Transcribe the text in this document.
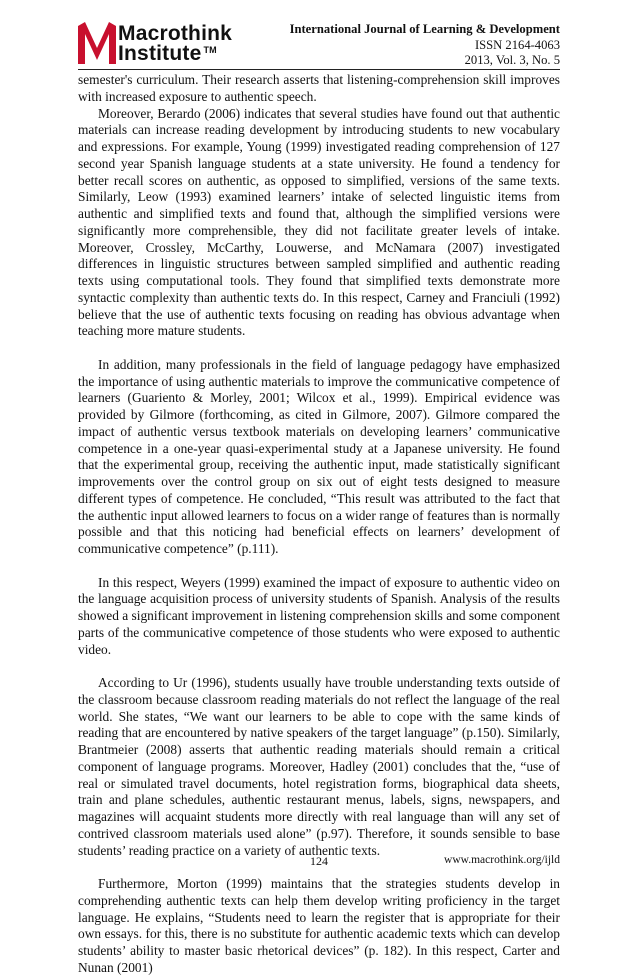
Macrothink
Institute ™
International Journal of Learning & Development
ISSN 2164-4063
2013, Vol. 3, No. 5

semester's curriculum. Their research asserts that listening-comprehension skill improves with increased exposure to authentic speech.

Moreover, Berardo (2006) indicates that several studies have found out that authentic materials can increase reading development by introducing students to new vocabulary and expressions. For example, Young (1999) investigated reading comprehension of 127 second year Spanish language students at a state university. He found a tendency for better recall scores on authentic, as opposed to simplified, versions of the same texts. Similarly, Leow (1993) examined learners’ intake of selected linguistic items from authentic and simplified texts and found that, although the simplified versions were significantly more comprehensible, they did not facilitate greater levels of intake. Moreover, Crossley, McCarthy, Louwerse, and McNamara (2007) investigated differences in linguistic structures between sampled simplified and authentic reading texts using computational tools. They found that simplified texts demonstrate more syntactic complexity than authentic texts do. In this respect, Carney and Franciuli (1992) believe that the use of authentic texts focusing on reading has obvious advantage when teaching more mature students.

In addition, many professionals in the field of language pedagogy have emphasized the importance of using authentic materials to improve the communicative competence of learners (Guariento & Morley, 2001; Wilcox et al., 1999). Empirical evidence was provided by Gilmore (forthcoming, as cited in Gilmore, 2007). Gilmore compared the impact of authentic versus textbook materials on developing learners’ communicative competence in a one-year quasi-experimental study at a Japanese university. He found that the experimental group, receiving the authentic input, made statistically significant improvements over the control group on six out of eight tests designed to measure different types of competence. He concluded, “This result was attributed to the fact that the authentic input allowed learners to focus on a wider range of features than is normally possible and that this noticing had beneficial effects on learners’ development of communicative competence” (p.111).

In this respect, Weyers (1999) examined the impact of exposure to authentic video on the language acquisition process of university students of Spanish. Analysis of the results showed a significant improvement in listening comprehension skills and some component parts of the communicative competence of those students who were exposed to authentic video.

According to Ur (1996), students usually have trouble understanding texts outside of the classroom because classroom reading materials do not reflect the language of the real world. She states, “We want our learners to be able to cope with the same kinds of reading that are encountered by native speakers of the target language” (p.150). Similarly, Brantmeier (2008) asserts that authentic reading materials should remain a critical component of language programs. Moreover, Hadley (2001) concludes that the, “use of real or simulated travel documents, hotel registration forms, biographical data sheets, train and plane schedules, authentic restaurant menus, labels, signs, newspapers, and magazines will acquaint students more directly with real language than will any set of contrived classroom materials used alone” (p.97). Therefore, it sounds sensible to base students’ reading practice on a variety of authentic texts.

Furthermore, Morton (1999) maintains that the strategies students develop in comprehending authentic texts can help them develop writing proficiency in the target language. He explains, “Students need to learn the register that is appropriate for their own essays. for this, there is no substitute for authentic academic texts which can develop students’ ability to master basic rhetorical devices” (p. 182). In this respect, Carter and Nunan (2001)

124	www.macrothink.org/ijld
